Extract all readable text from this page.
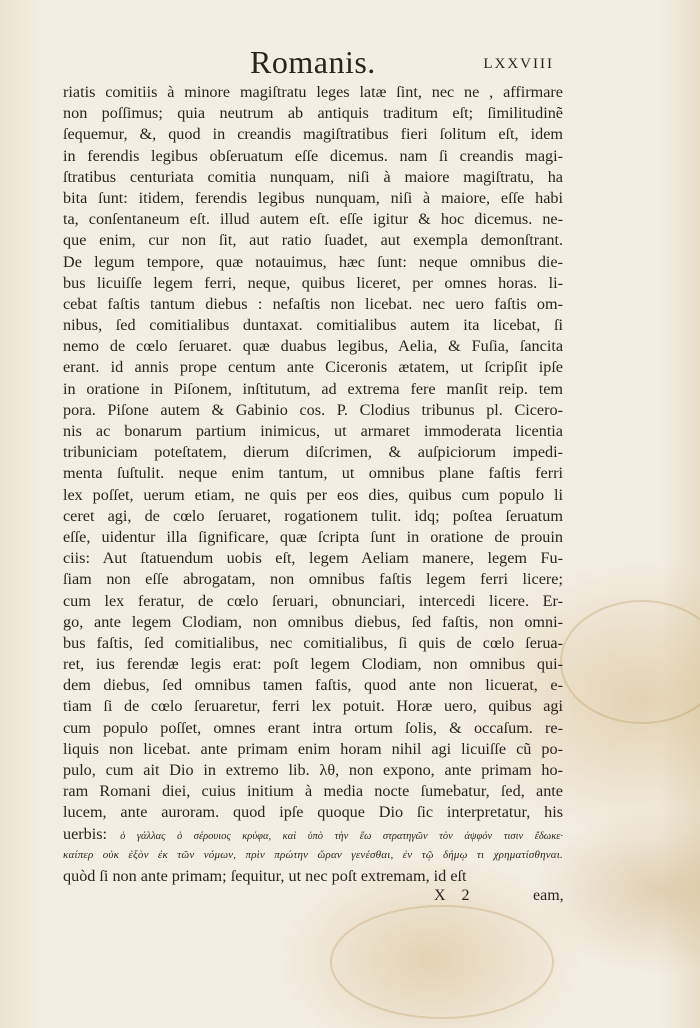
Romanis.	LXXVIII
riatis comitiis à minore magiſtratu leges latæ ſint, nec ne , affirmare
non poſſimus; quia neutrum ab antiquis traditum eſt; ſimilitudinẽ
ſequemur, &, quod in creandis magiſtratibus fieri ſolitum eſt, idem
in ferendis legibus obſeruatum eſſe dicemus. nam ſi creandis magi-
ſtratibus centuriata comitia nunquam, niſi à maiore magiſtratu, ha
bita ſunt: itidem, ferendis legibus nunquam, niſi à maiore, eſſe habi
ta, conſentaneum eſt. illud autem eſt. eſſe igitur & hoc dicemus. ne-
que enim, cur non ſit, aut ratio ſuadet, aut exempla demonſtrant.
De legum tempore, quæ notauimus, hæc ſunt: neque omnibus die-
bus licuiſſe legem ferri, neque, quibus liceret, per omnes horas. li-
cebat faſtis tantum diebus : nefaſtis non licebat. nec uero faſtis om-
nibus, ſed comitialibus duntaxat. comitialibus autem ita licebat, ſi
nemo de cœlo ſeruaret. quæ duabus legibus, Aelia, & Fuſia, ſancita
erant. id annis prope centum ante Ciceronis ætatem, ut ſcripſit ipſe
in oratione in Piſonem, inſtitutum, ad extrema fere manſit reip. tem
pora. Piſone autem & Gabinio cos. P. Clodius tribunus pl. Cicero-
nis ac bonarum partium inimicus, ut armaret immoderata licentia
tribuniciam poteſtatem, dierum diſcrimen, & auſpiciorum impedi-
menta ſuſtulit. neque enim tantum, ut omnibus plane faſtis ferri
lex poſſet, uerum etiam, ne quis per eos dies, quibus cum populo li
ceret agi, de cœlo ſeruaret, rogationem tulit. idq; poſtea ſeruatum
eſſe, uidentur illa ſignificare, quæ ſcripta ſunt in oratione de prouin
ciis: Aut ſtatuendum uobis eſt, legem Aeliam manere, legem Fu-
ſiam non eſſe abrogatam, non omnibus faſtis legem ferri licere;
cum lex feratur, de cœlo ſeruari, obnunciari, intercedi licere. Er-
go, ante legem Clodiam, non omnibus diebus, ſed faſtis, non omni-
bus faſtis, ſed comitialibus, nec comitialibus, ſi quis de cœlo ſerua-
ret, ius ferendæ legis erat: poſt legem Clodiam, non omnibus qui-
dem diebus, ſed omnibus tamen faſtis, quod ante non licuerat, e-
tiam ſi de cœlo ſeruaretur, ferri lex potuit. Horæ uero, quibus agi
cum populo poſſet, omnes erant intra ortum ſolis, & occaſum. re-
liquis non licebat. ante primam enim horam nihil agi licuiſſe cũ po-
pulo, cum ait Dio in extremo lib. λθ, non expono, ante primam ho-
ram Romani diei, cuius initium à media nocte ſumebatur, ſed, ante
lucem, ante auroram. quod ipſe quoque Dio ſic interpretatur, his
uerbis: ὁ γάλλας ὁ σέρουιος κρύφα, καὶ ὑπὸ τὴν ἕω στρατηγῶν τὸν ἀψφόν τισιν ἔδωκε·
καίπερ οὐκ ἐξὸν ἐκ τῶν νόμων, πρὶν πρώτην ὥραν γενέσθαι, ἐν τῷ δήμῳ τι χρηματίσθηναι.
quòd ſi non ante primam; ſequitur, ut nec poſt extremam, id eſt
X 2	eam,
